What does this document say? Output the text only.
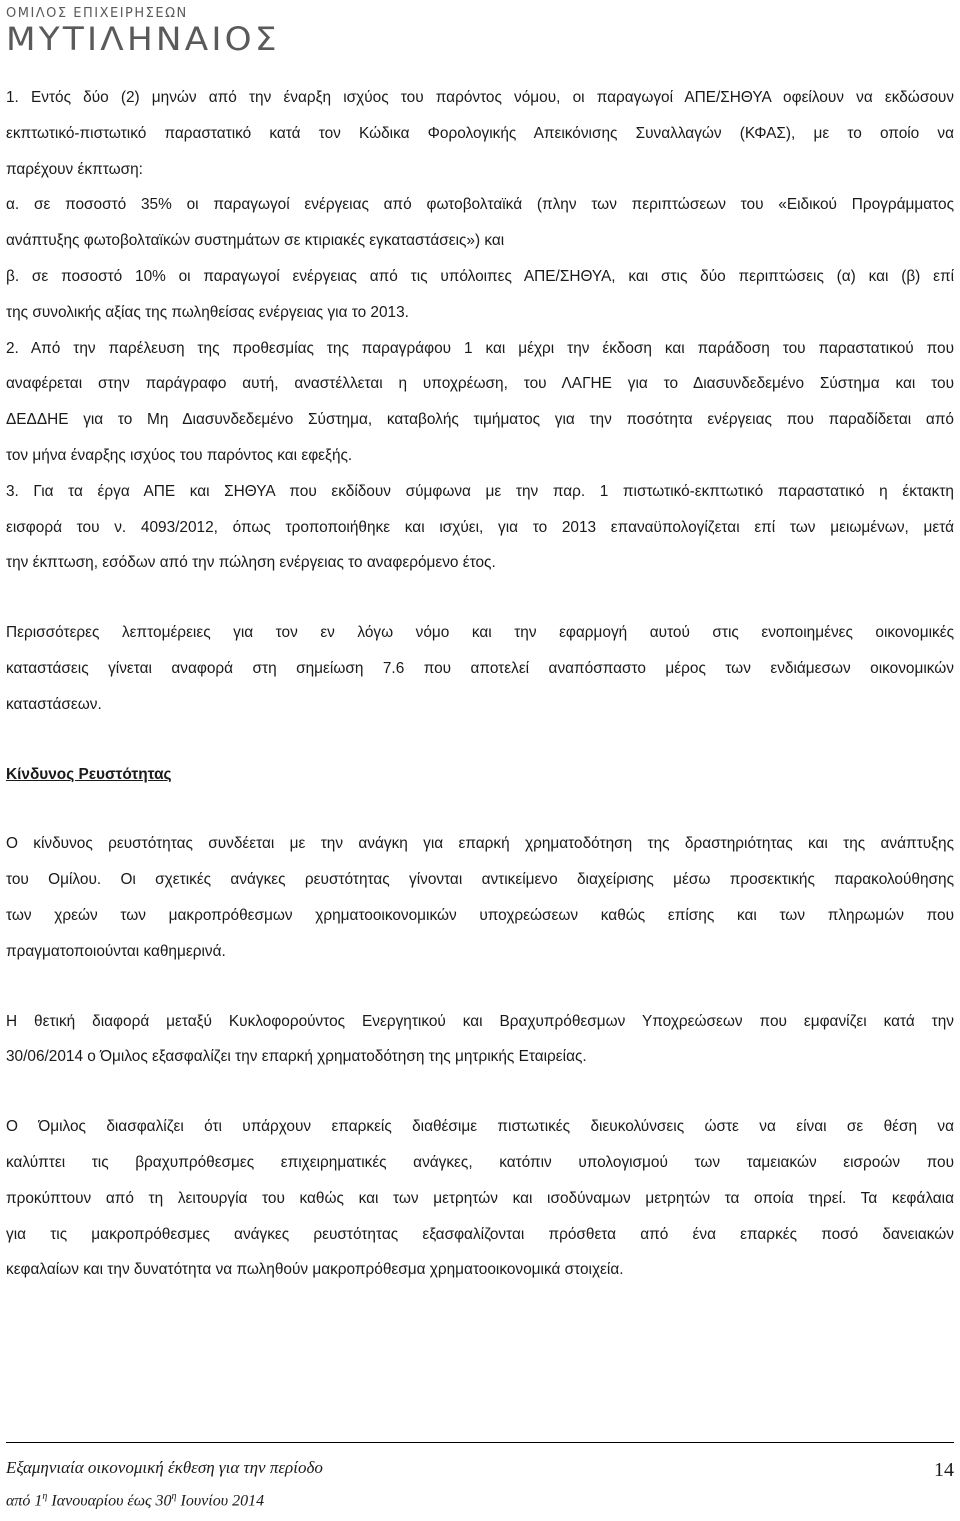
ΟΜΙΛΟΣ ΕΠΙΧΕΙΡΗΣΕΩΝ
ΜΥΤΙΛΗΝΑΙΟΣ
1. Εντός δύο (2) μηνών από την έναρξη ισχύος του παρόντος νόμου, οι παραγωγοί ΑΠΕ/ΣΗΘΥΑ οφείλουν να εκδώσουν
εκπτωτικό-πιστωτικό παραστατικό κατά τον Κώδικα Φορολογικής Απεικόνισης Συναλλαγών (ΚΦΑΣ), με το οποίο να
παρέχουν έκπτωση:
α. σε ποσοστό 35% οι παραγωγοί ενέργειας από φωτοβολταϊκά (πλην των περιπτώσεων του «Ειδικού Προγράμματος
ανάπτυξης φωτοβολταϊκών συστημάτων σε κτιριακές εγκαταστάσεις») και
β. σε ποσοστό 10% οι παραγωγοί ενέργειας από τις υπόλοιπες ΑΠΕ/ΣΗΘΥΑ, και στις δύο περιπτώσεις (α) και (β) επί
της συνολικής αξίας της πωληθείσας ενέργειας για το 2013.
2. Από την παρέλευση της προθεσμίας της παραγράφου 1 και μέχρι την έκδοση και παράδοση του παραστατικού που
αναφέρεται στην παράγραφο αυτή, αναστέλλεται η υποχρέωση, του ΛΑΓΗΕ για το Διασυνδεδεμένο Σύστημα και του
ΔΕΔΔΗΕ για το Μη Διασυνδεδεμένο Σύστημα, καταβολής τιμήματος για την ποσότητα ενέργειας που παραδίδεται από
τον μήνα έναρξης ισχύος του παρόντος και εφεξής.
3. Για τα έργα ΑΠΕ και ΣΗΘΥΑ που εκδίδουν σύμφωνα με την παρ. 1 πιστωτικό-εκπτωτικό παραστατικό η έκτακτη
εισφορά του ν. 4093/2012, όπως τροποποιήθηκε και ισχύει, για το 2013 επαναϋπολογίζεται επί των μειωμένων, μετά
την έκπτωση, εσόδων από την πώληση ενέργειας το αναφερόμενο έτος.
Περισσότερες λεπτομέρειες για τον εν λόγω νόμο και την εφαρμογή αυτού στις ενοποιημένες οικονομικές
καταστάσεις γίνεται αναφορά στη σημείωση 7.6 που αποτελεί αναπόσπαστο μέρος των ενδιάμεσων οικονομικών
καταστάσεων.
Κίνδυνος Ρευστότητας
Ο κίνδυνος ρευστότητας συνδέεται με την ανάγκη για επαρκή χρηματοδότηση της δραστηριότητας και της ανάπτυξης
του Ομίλου. Οι σχετικές ανάγκες ρευστότητας γίνονται αντικείμενο διαχείρισης μέσω προσεκτικής παρακολούθησης
των χρεών των μακροπρόθεσμων χρηματοοικονομικών υποχρεώσεων καθώς επίσης και των πληρωμών που
πραγματοποιούνται καθημερινά.
Η θετική διαφορά μεταξύ Κυκλοφορούντος Ενεργητικού και Βραχυπρόθεσμων Υποχρεώσεων που εμφανίζει κατά την
30/06/2014 ο Όμιλος εξασφαλίζει την επαρκή χρηματοδότηση της μητρικής Εταιρείας.
Ο Όμιλος διασφαλίζει ότι υπάρχουν επαρκείς διαθέσιμε πιστωτικές διευκολύνσεις ώστε να είναι σε θέση να
καλύπτει τις βραχυπρόθεσμες επιχειρηματικές ανάγκες, κατόπιν υπολογισμού των ταμειακών εισροών που
προκύπτουν από τη λειτουργία του καθώς και των μετρητών και ισοδύναμων μετρητών τα οποία τηρεί. Τα κεφάλαια
για τις μακροπρόθεσμες ανάγκες ρευστότητας εξασφαλίζονται πρόσθετα από ένα επαρκές ποσό δανειακών
κεφαλαίων και την δυνατότητα να πωληθούν μακροπρόθεσμα χρηματοοικονομικά στοιχεία.
Εξαμηνιαία οικονομική έκθεση για την περίοδο
από $1^\eta$ Ιανουαρίου έως $30^\eta$ Ιουνίου 2014
14
